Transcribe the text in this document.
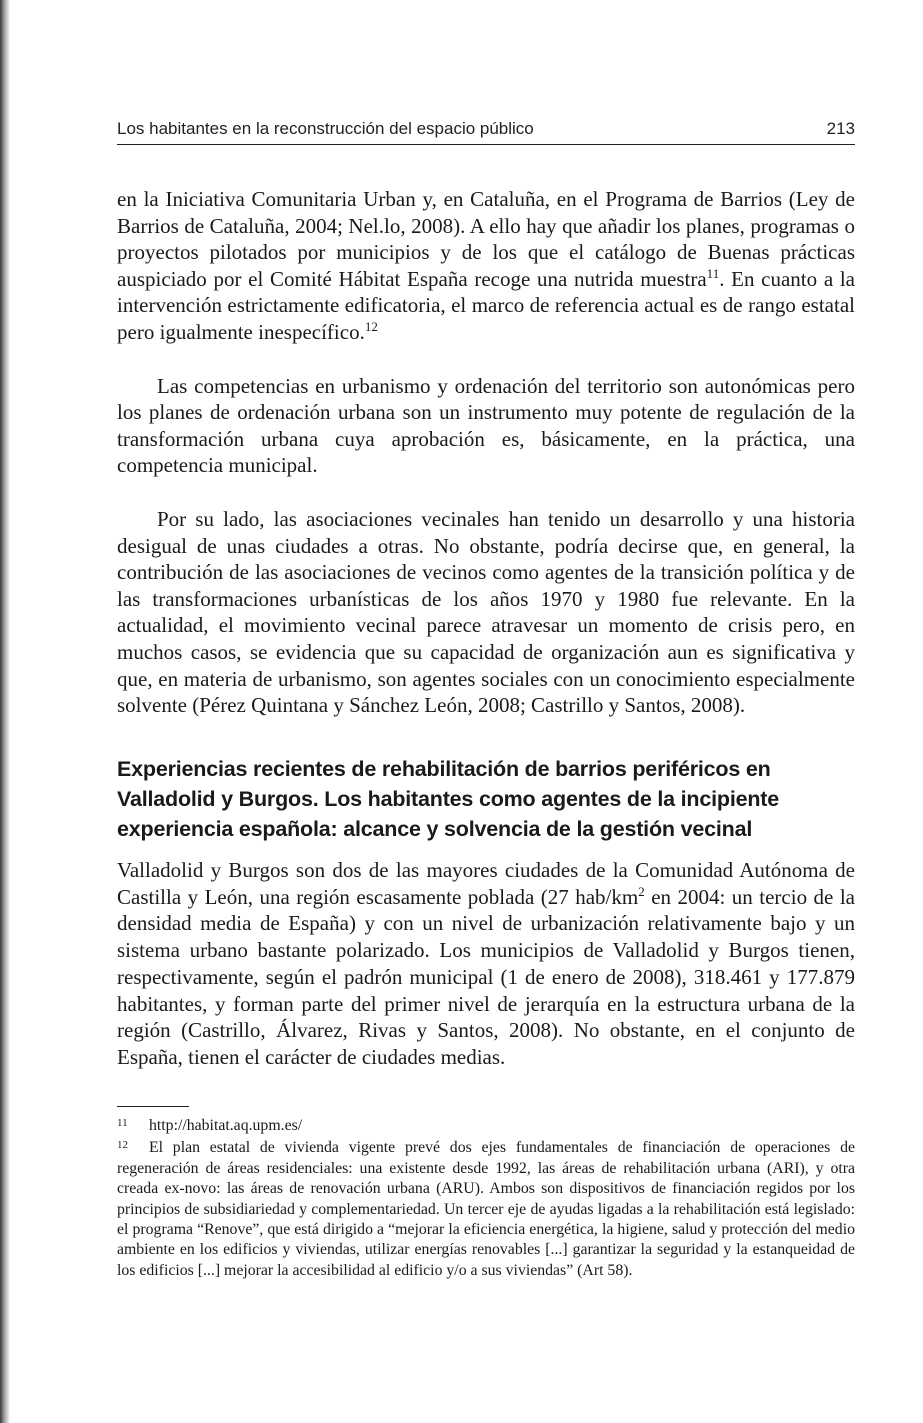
Los habitantes en la reconstrucción del espacio público	213

en la Iniciativa Comunitaria Urban y, en Cataluña, en el Programa de Barrios (Ley de Barrios de Cataluña, 2004; Nel.lo, 2008). A ello hay que añadir los planes, programas o proyectos pilotados por municipios y de los que el catálogo de Buenas prácticas auspiciado por el Comité Hábitat España recoge una nutrida muestra$^{11}$. En cuanto a la intervención estrictamente edificatoria, el marco de referencia actual es de rango estatal pero igualmente inespecífico.$^{12}$

Las competencias en urbanismo y ordenación del territorio son autonómicas pero los planes de ordenación urbana son un instrumento muy potente de regulación de la transformación urbana cuya aprobación es, básicamente, en la práctica, una competencia municipal.

Por su lado, las asociaciones vecinales han tenido un desarrollo y una historia desigual de unas ciudades a otras. No obstante, podría decirse que, en general, la contribución de las asociaciones de vecinos como agentes de la transición política y de las transformaciones urbanísticas de los años 1970 y 1980 fue relevante. En la actualidad, el movimiento vecinal parece atravesar un momento de crisis pero, en muchos casos, se evidencia que su capacidad de organización aun es significativa y que, en materia de urbanismo, son agentes sociales con un conocimiento especialmente solvente (Pérez Quintana y Sánchez León, 2008; Castrillo y Santos, 2008).

Experiencias recientes de rehabilitación de barrios periféricos en Valladolid y Burgos. Los habitantes como agentes de la incipiente experiencia española: alcance y solvencia de la gestión vecinal

Valladolid y Burgos son dos de las mayores ciudades de la Comunidad Autónoma de Castilla y León, una región escasamente poblada (27 hab/$km^2$ en 2004: un tercio de la densidad media de España) y con un nivel de urbanización relativamente bajo y un sistema urbano bastante polarizado. Los municipios de Valladolid y Burgos tienen, respectivamente, según el padrón municipal (1 de enero de 2008), 318.461 y 177.879 habitantes, y forman parte del primer nivel de jerarquía en la estructura urbana de la región (Castrillo, Álvarez, Rivas y Santos, 2008). No obstante, en el conjunto de España, tienen el carácter de ciudades medias.

11	http://habitat.aq.upm.es/
12	El plan estatal de vivienda vigente prevé dos ejes fundamentales de financiación de operaciones de regeneración de áreas residenciales: una existente desde 1992, las áreas de rehabilitación urbana (ARI), y otra creada ex-novo: las áreas de renovación urbana (ARU). Ambos son dispositivos de financiación regidos por los principios de subsidiariedad y complementariedad. Un tercer eje de ayudas ligadas a la rehabilitación está legislado: el programa “Renove”, que está dirigido a “mejorar la eficiencia energética, la higiene, salud y protección del medio ambiente en los edificios y viviendas, utilizar energías renovables [...] garantizar la seguridad y la estanqueidad de los edificios [...] mejorar la accesibilidad al edificio y/o a sus viviendas” (Art 58).
